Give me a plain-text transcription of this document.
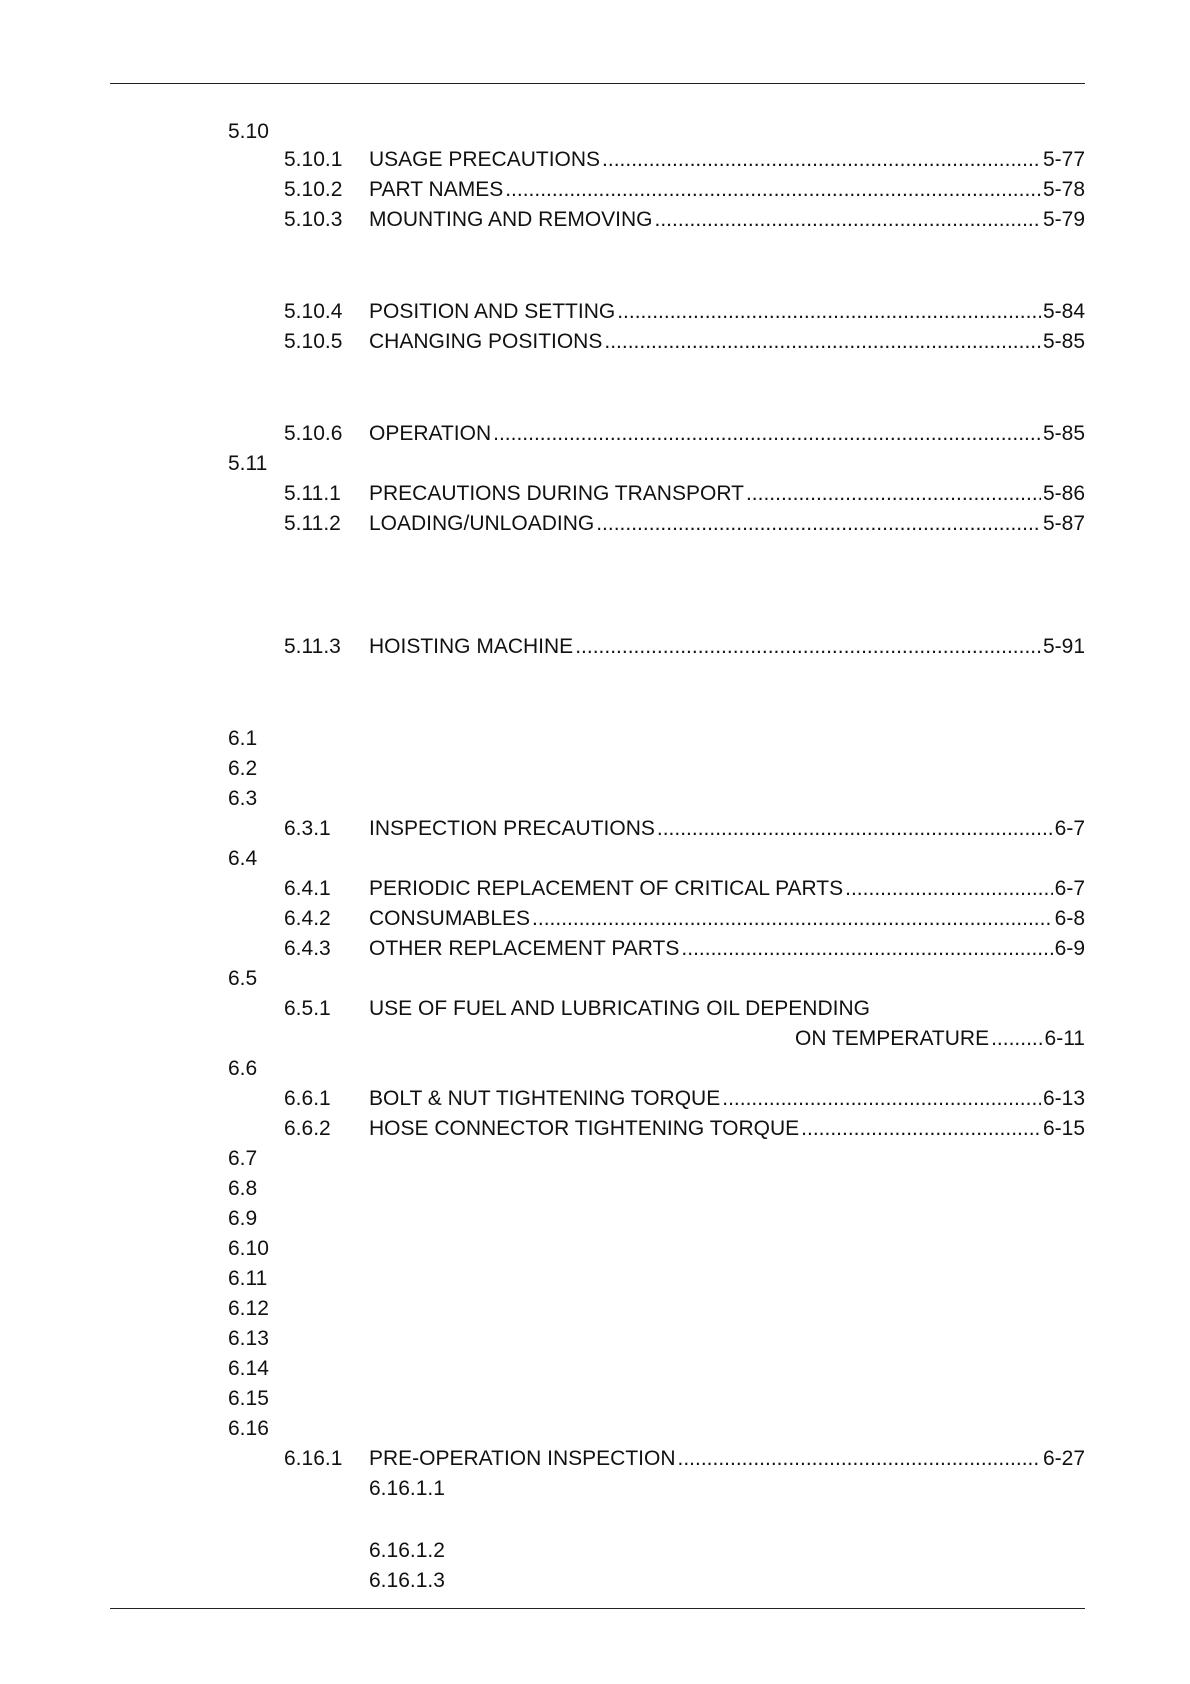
5.10
5.10.1 USAGE PRECAUTIONS .....	5-77
5.10.2 PART NAMES .....	5-78
5.10.3 MOUNTING AND REMOVING .....	5-79
5.10.4 POSITION AND SETTING .....	5-84
5.10.5 CHANGING POSITIONS .....	5-85
5.10.6 OPERATION .....	5-85
5.11
5.11.1 PRECAUTIONS DURING TRANSPORT .....	5-86
5.11.2 LOADING/UNLOADING .....	5-87
5.11.3 HOISTING MACHINE .....	5-91
6.1
6.2
6.3
6.3.1 INSPECTION PRECAUTIONS .....	6-7
6.4
6.4.1 PERIODIC REPLACEMENT OF CRITICAL PARTS .....	6-7
6.4.2 CONSUMABLES .....	6-8
6.4.3 OTHER REPLACEMENT PARTS .....	6-9
6.5
6.5.1 USE OF FUEL AND LUBRICATING OIL DEPENDING
ON TEMPERATURE .....	6-11
6.6
6.6.1 BOLT & NUT TIGHTENING TORQUE .....	6-13
6.6.2 HOSE CONNECTOR TIGHTENING TORQUE .....	6-15
6.7
6.8
6.9
6.10
6.11
6.12
6.13
6.14
6.15
6.16
6.16.1 PRE-OPERATION INSPECTION .....	6-27
6.16.1.1
6.16.1.2
6.16.1.3
